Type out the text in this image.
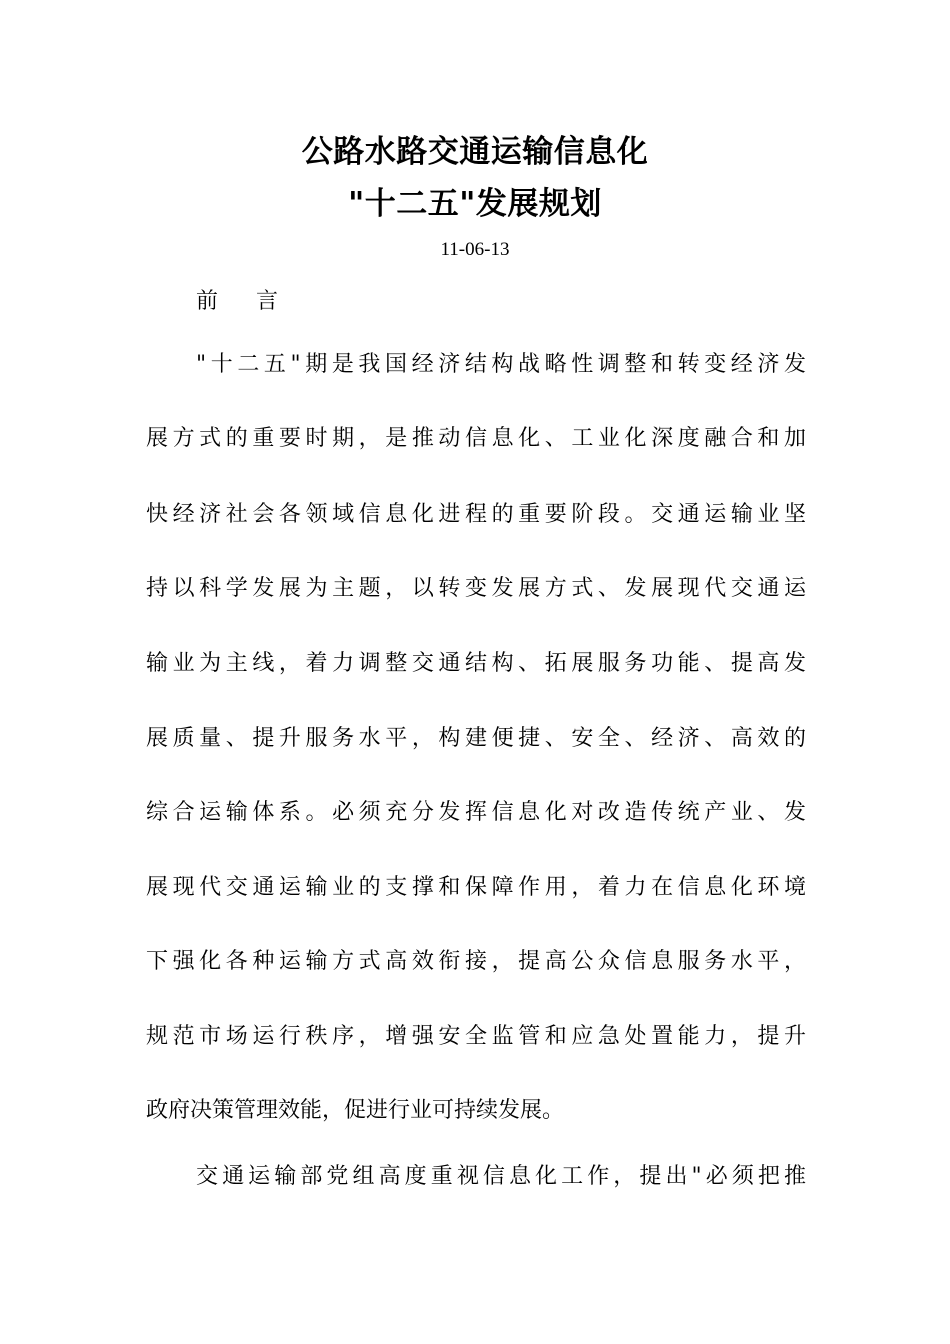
公路水路交通运输信息化
"十二五"发展规划
11-06-13
前    言
"十二五"期是我国经济结构战略性调整和转变经济发
展方式的重要时期，是推动信息化、工业化深度融合和加
快经济社会各领域信息化进程的重要阶段。交通运输业坚
持以科学发展为主题，以转变发展方式、发展现代交通运
输业为主线，着力调整交通结构、拓展服务功能、提高发
展质量、提升服务水平，构建便捷、安全、经济、高效的
综合运输体系。必须充分发挥信息化对改造传统产业、发
展现代交通运输业的支撑和保障作用，着力在信息化环境
下强化各种运输方式高效衔接，提高公众信息服务水平，
规范市场运行秩序，增强安全监管和应急处置能力，提升
政府决策管理效能，促进行业可持续发展。
交通运输部党组高度重视信息化工作，提出"必须把推
